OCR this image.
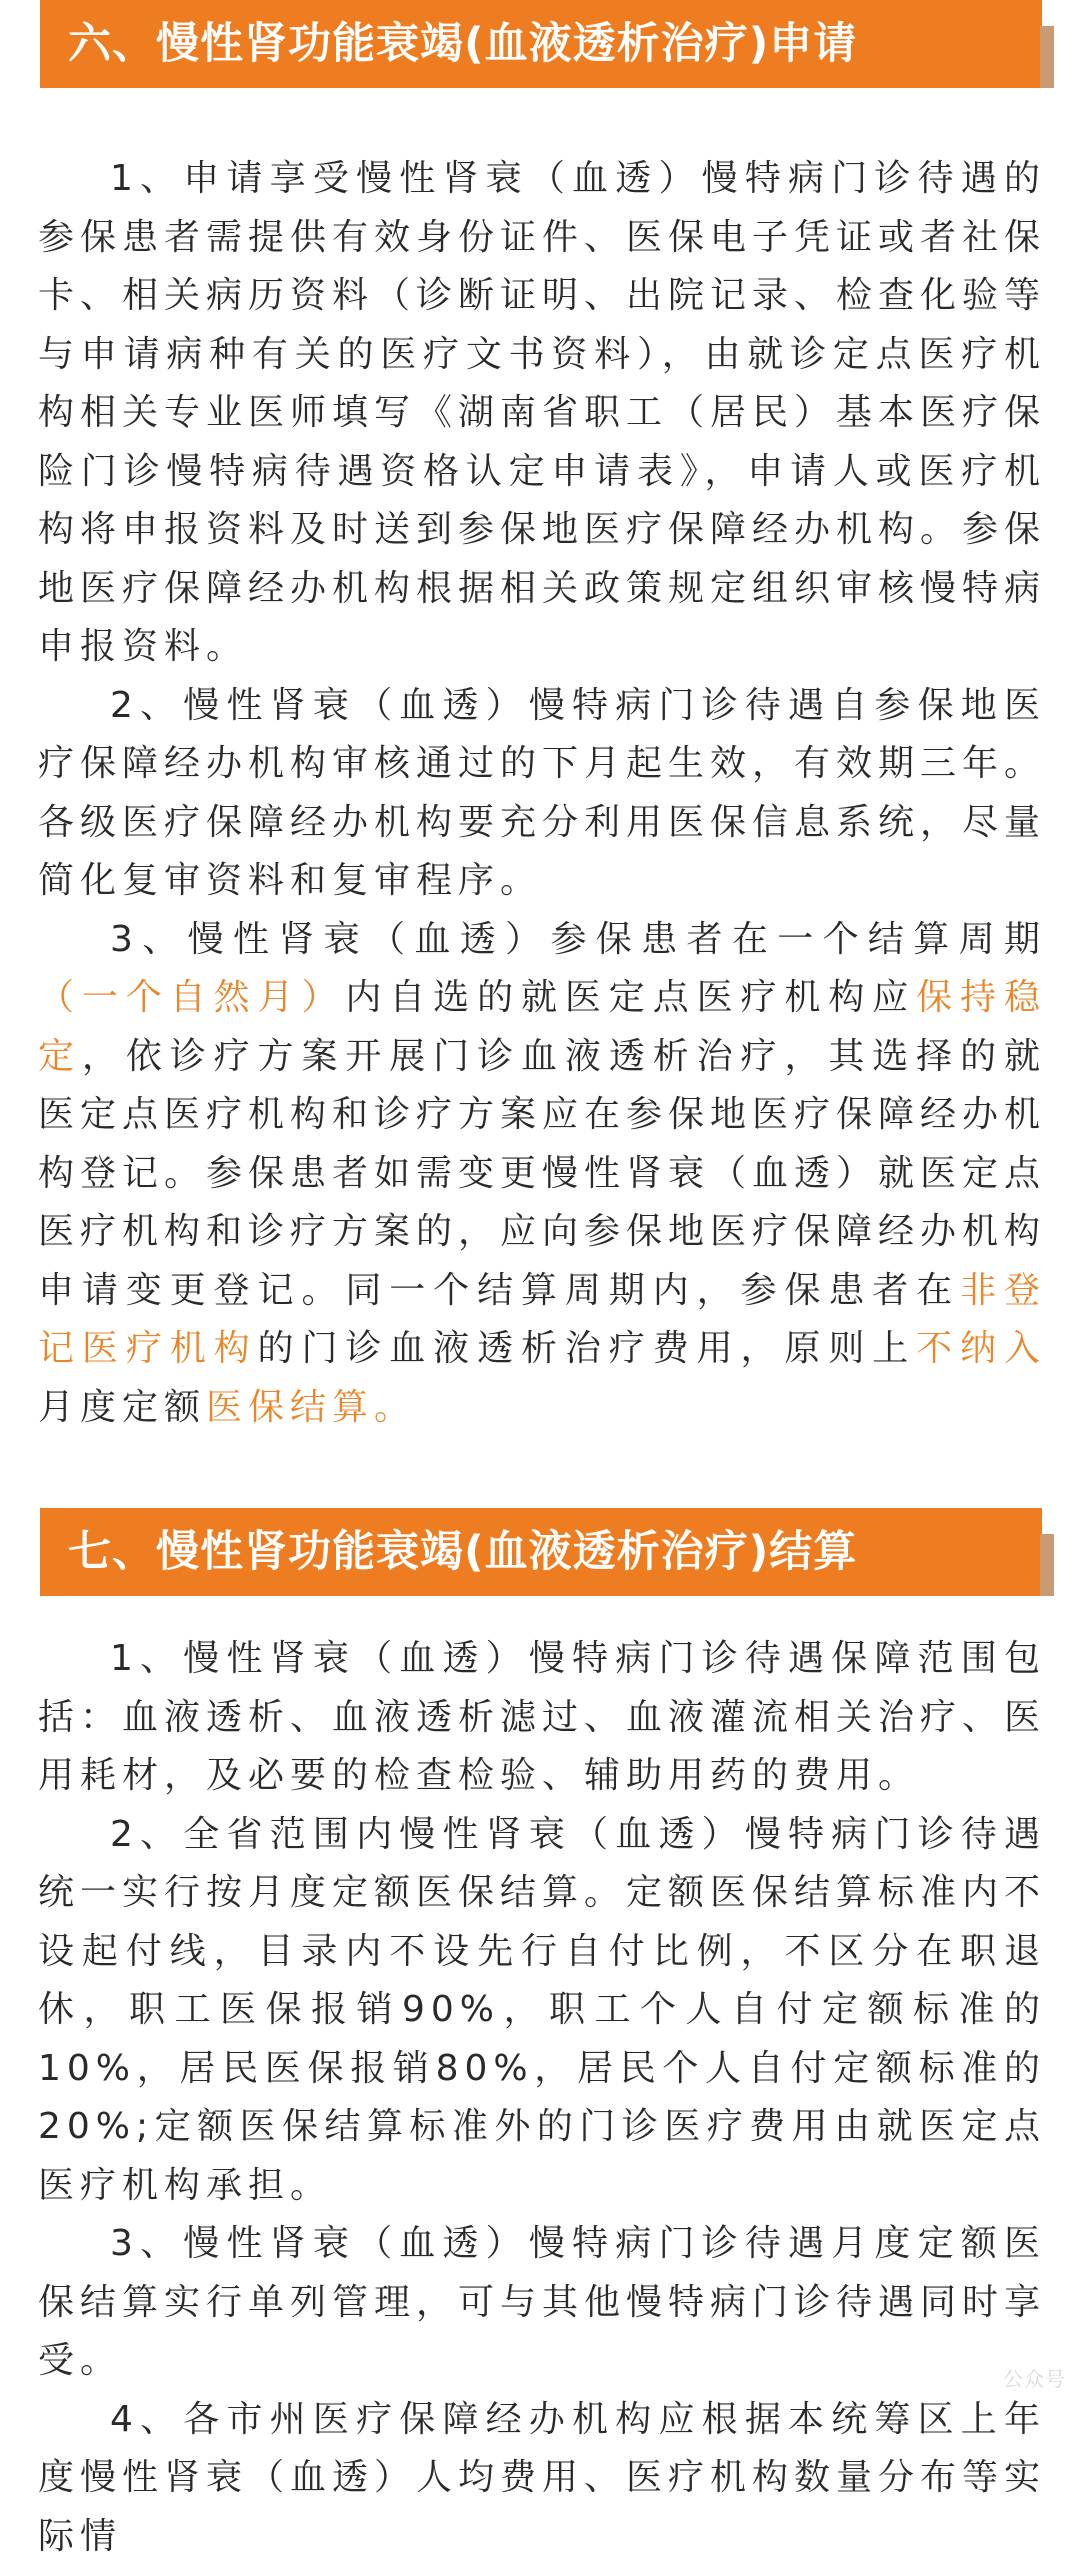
六、慢性肾功能衰竭(血液透析治疗)申请

1、申请享受慢性肾衰（血透）慢特病门诊待遇的参保患者需提供有效身份证件、医保电子凭证或者社保卡、相关病历资料（诊断证明、出院记录、检查化验等与申请病种有关的医疗文书资料），由就诊定点医疗机构相关专业医师填写《湖南省职工（居民）基本医疗保险门诊慢特病待遇资格认定申请表》，申请人或医疗机构将申报资料及时送到参保地医疗保障经办机构。参保地医疗保障经办机构根据相关政策规定组织审核慢特病申报资料。

2、慢性肾衰（血透）慢特病门诊待遇自参保地医疗保障经办机构审核通过的下月起生效，有效期三年。各级医疗保障经办机构要充分利用医保信息系统，尽量简化复审资料和复审程序。

3、慢性肾衰（血透）参保患者在一个结算周期（一个自然月）内自选的就医定点医疗机构应保持稳定，依诊疗方案开展门诊血液透析治疗，其选择的就医定点医疗机构和诊疗方案应在参保地医疗保障经办机构登记。参保患者如需变更慢性肾衰（血透）就医定点医疗机构和诊疗方案的，应向参保地医疗保障经办机构申请变更登记。同一个结算周期内，参保患者在非登记医疗机构的门诊血液透析治疗费用，原则上不纳入月度定额医保结算。

七、慢性肾功能衰竭(血液透析治疗)结算

1、慢性肾衰（血透）慢特病门诊待遇保障范围包括：血液透析、血液透析滤过、血液灌流相关治疗、医用耗材，及必要的检查检验、辅助用药的费用。

2、全省范围内慢性肾衰（血透）慢特病门诊待遇统一实行按月度定额医保结算。定额医保结算标准内不设起付线，目录内不设先行自付比例，不区分在职退休，职工医保报销90%，职工个人自付定额标准的10%，居民医保报销80%，居民个人自付定额标准的20%;定额医保结算标准外的门诊医疗费用由就医定点医疗机构承担。

3、慢性肾衰（血透）慢特病门诊待遇月度定额医保结算实行单列管理，可与其他慢特病门诊待遇同时享受。

4、各市州医疗保障经办机构应根据本统筹区上年度慢性肾衰（血透）人均费用、医疗机构数量分布等实际情

公众号
